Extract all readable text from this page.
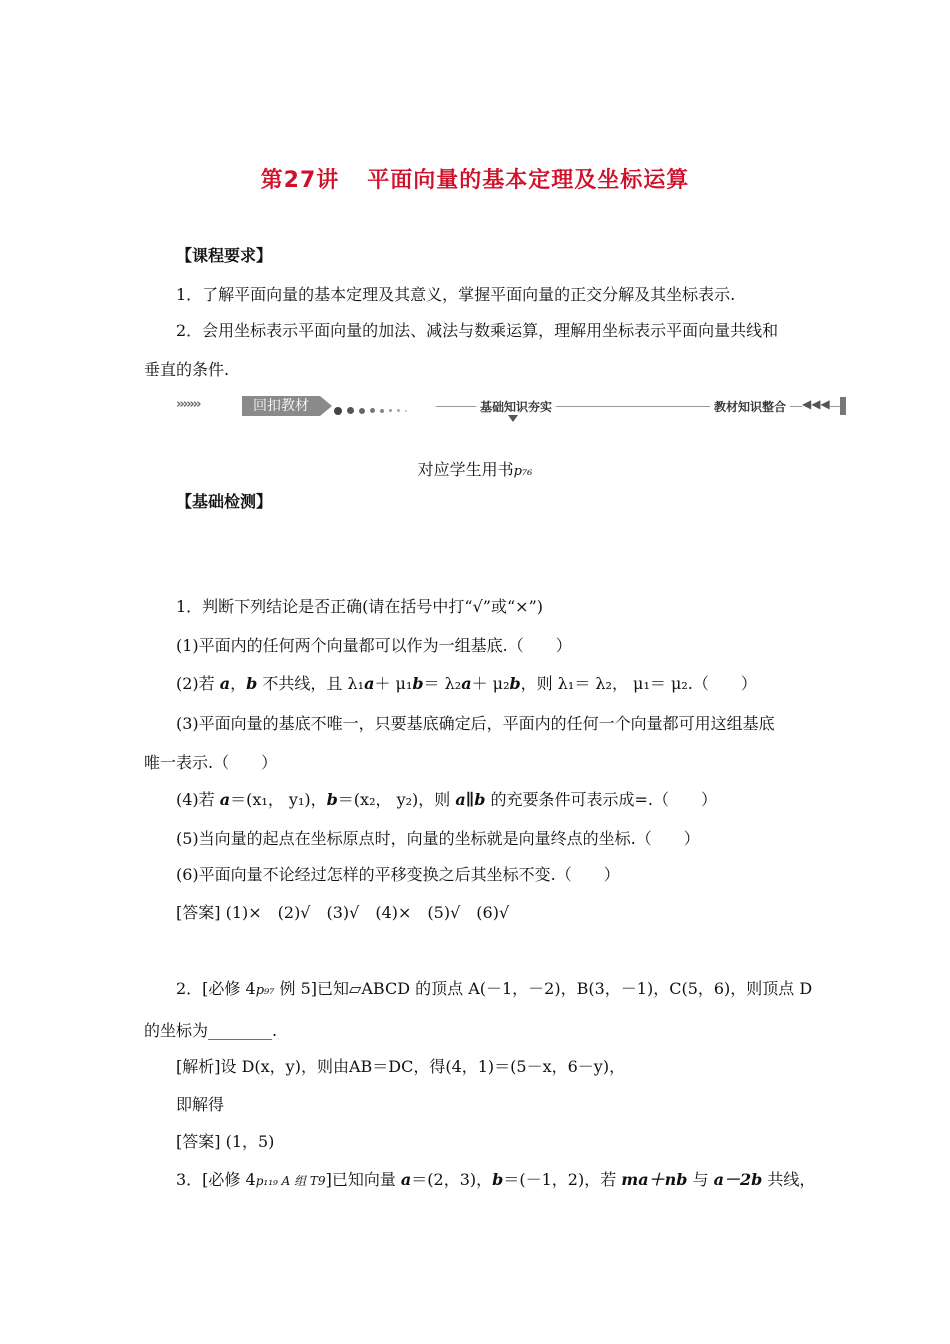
第27讲 平面向量的基本定理及坐标运算
【课程要求】
1．了解平面向量的基本定理及其意义，掌握平面向量的正交分解及其坐标表示.
2．会用坐标表示平面向量的加法、减法与数乘运算，理解用坐标表示平面向量共线和
垂直的条件.
›››››››	回扣教材	基础知识夯实	教材知识整合	◀◀◀
对应学生用书p₇₆
【基础检测】
1．判断下列结论是否正确(请在括号中打“√”或“×”)
(1)平面内的任何两个向量都可以作为一组基底.（　　）
(2)若 a，b 不共线，且 λ₁a＋ μ₁b＝ λ₂a＋ μ₂b，则 λ₁＝ λ₂， μ₁＝ μ₂.（　　）
(3)平面向量的基底不唯一，只要基底确定后，平面内的任何一个向量都可用这组基底
唯一表示.（　　）
(4)若 a＝(x₁， y₁)，b＝(x₂， y₂)，则 a∥b 的充要条件可表示成=.（　　）
(5)当向量的起点在坐标原点时，向量的坐标就是向量终点的坐标.（　　）
(6)平面向量不论经过怎样的平移变换之后其坐标不变.（　　）
[答案] (1)×　(2)√　(3)√　(4)×　(5)√　(6)√
2．[必修 4p₉₇ 例 5]已知▱ABCD 的顶点 A(－1，－2)，B(3，－1)，C(5，6)，则顶点 D
的坐标为________.
[解析]设 D(x，y)，则由AB＝DC，得(4，1)＝(5－x，6－y)，
即解得
[答案] (1，5)
3．[必修 4p₁₁₉ A 组 T9]已知向量 a＝(2，3)，b＝(－1，2)，若 ma＋nb 与 a－2b 共线，
